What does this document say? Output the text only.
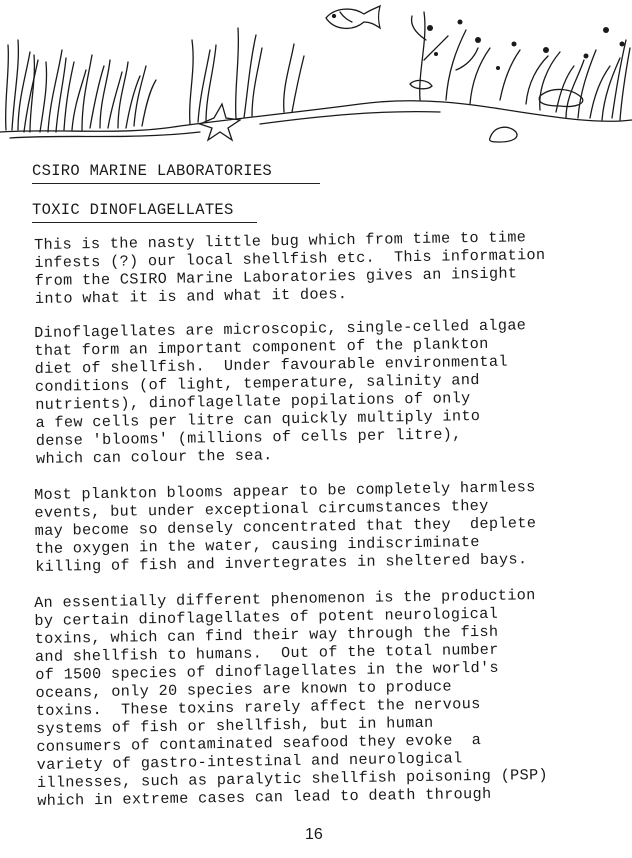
CSIRO MARINE LABORATORIES
TOXIC DINOFLAGELLATES

This is the nasty little bug which from time to time
infests (?) our local shellfish etc.  This information
from the CSIRO Marine Laboratories gives an insight
into what it is and what it does.

Dinoflagellates are microscopic, single-celled algae
that form an important component of the plankton
diet of shellfish.  Under favourable environmental
conditions (of light, temperature, salinity and
nutrients), dinoflagellate popilations of only
a few cells per litre can quickly multiply into
dense 'blooms' (millions of cells per litre),
which can colour the sea.

Most plankton blooms appear to be completely harmless
events, but under exceptional circumstances they
may become so densely concentrated that they  deplete
the oxygen in the water, causing indiscriminate
killing of fish and invertegrates in sheltered bays.

An essentially different phenomenon is the production
by certain dinoflagellates of potent neurological
toxins, which can find their way through the fish
and shellfish to humans.  Out of the total number
of 1500 species of dinoflagellates in the world's
oceans, only 20 species are known to produce
toxins.  These toxins rarely affect the nervous
systems of fish or shellfish, but in human
consumers of contaminated seafood they evoke  a
variety of gastro-intestinal and neurological
illnesses, such as paralytic shellfish poisoning (PSP)
which in extreme cases can lead to death through

16
